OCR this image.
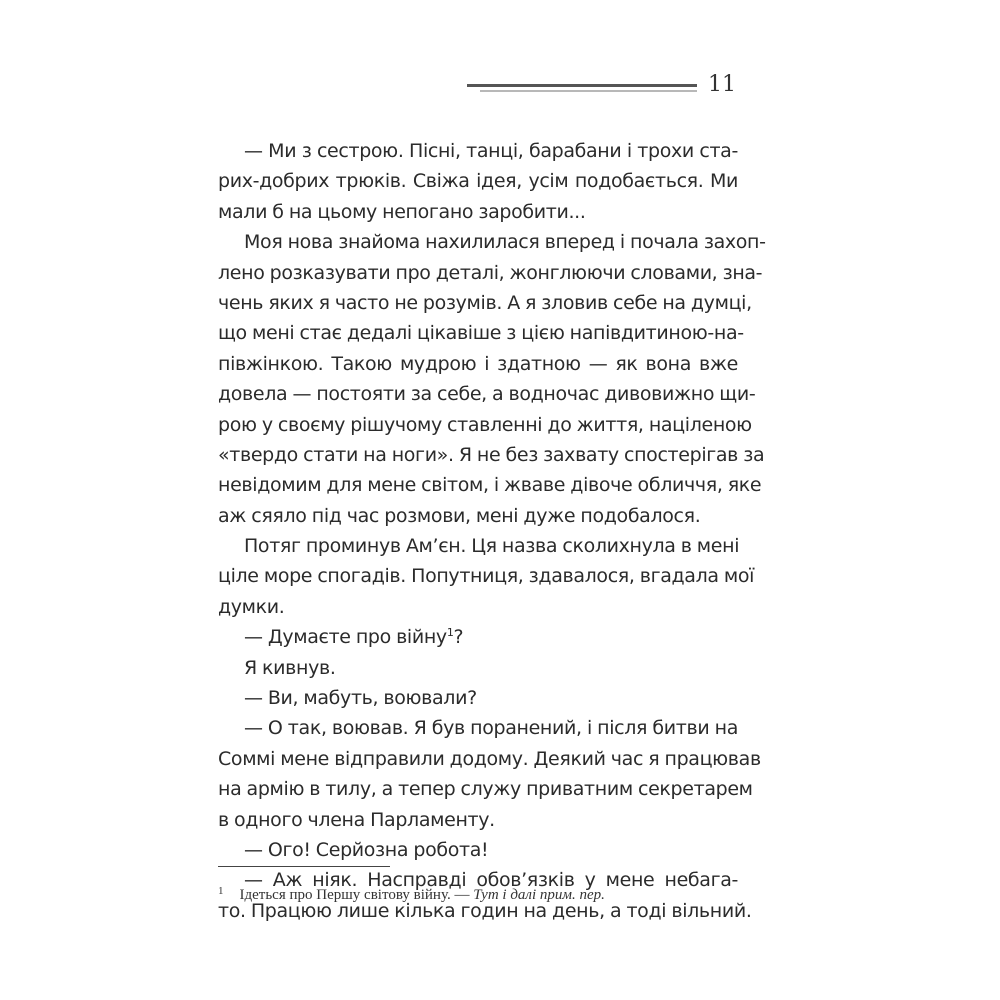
11
— Ми з сестрою. Пісні, танці, барабани і трохи ста-
рих-добрих трюків. Свіжа ідея, усім подобається. Ми
мали б на цьому непогано заробити...
Моя нова знайома нахилилася вперед і почала захоп-
лено розказувати про деталі, жонглюючи словами, зна-
чень яких я часто не розумів. А я зловив себе на думці,
що мені стає дедалі цікавіше з цією напівдитиною-на-
півжінкою. Такою мудрою і здатною — як вона вже
довела — постояти за себе, а водночас дивовижно щи-
рою у своєму рішучому ставленні до життя, націленою
«твердо стати на ноги». Я не без захвату спостерігав за
невідомим для мене світом, і жваве дівоче обличчя, яке
аж сяяло під час розмови, мені дуже подобалося.
Потяг проминув Ам’єн. Ця назва сколихнула в мені
ціле море спогадів. Попутниця, здавалося, вгадала мої
думки.
— Думаєте про війну$^1$?
Я кивнув.
— Ви, мабуть, воювали?
— О так, воював. Я був поранений, і після битви на
Соммі мене відправили додому. Деякий час я працював
на армію в тилу, а тепер служу приватним секретарем
в одного члена Парламенту.
— Ого! Серйозна робота!
— Аж ніяк. Насправді обов’язків у мене небага-
то. Працюю лише кілька годин на день, а тоді вільний.
$^1$ Ідеться про Першу світову війну. — Тут і далі прим. пер.
